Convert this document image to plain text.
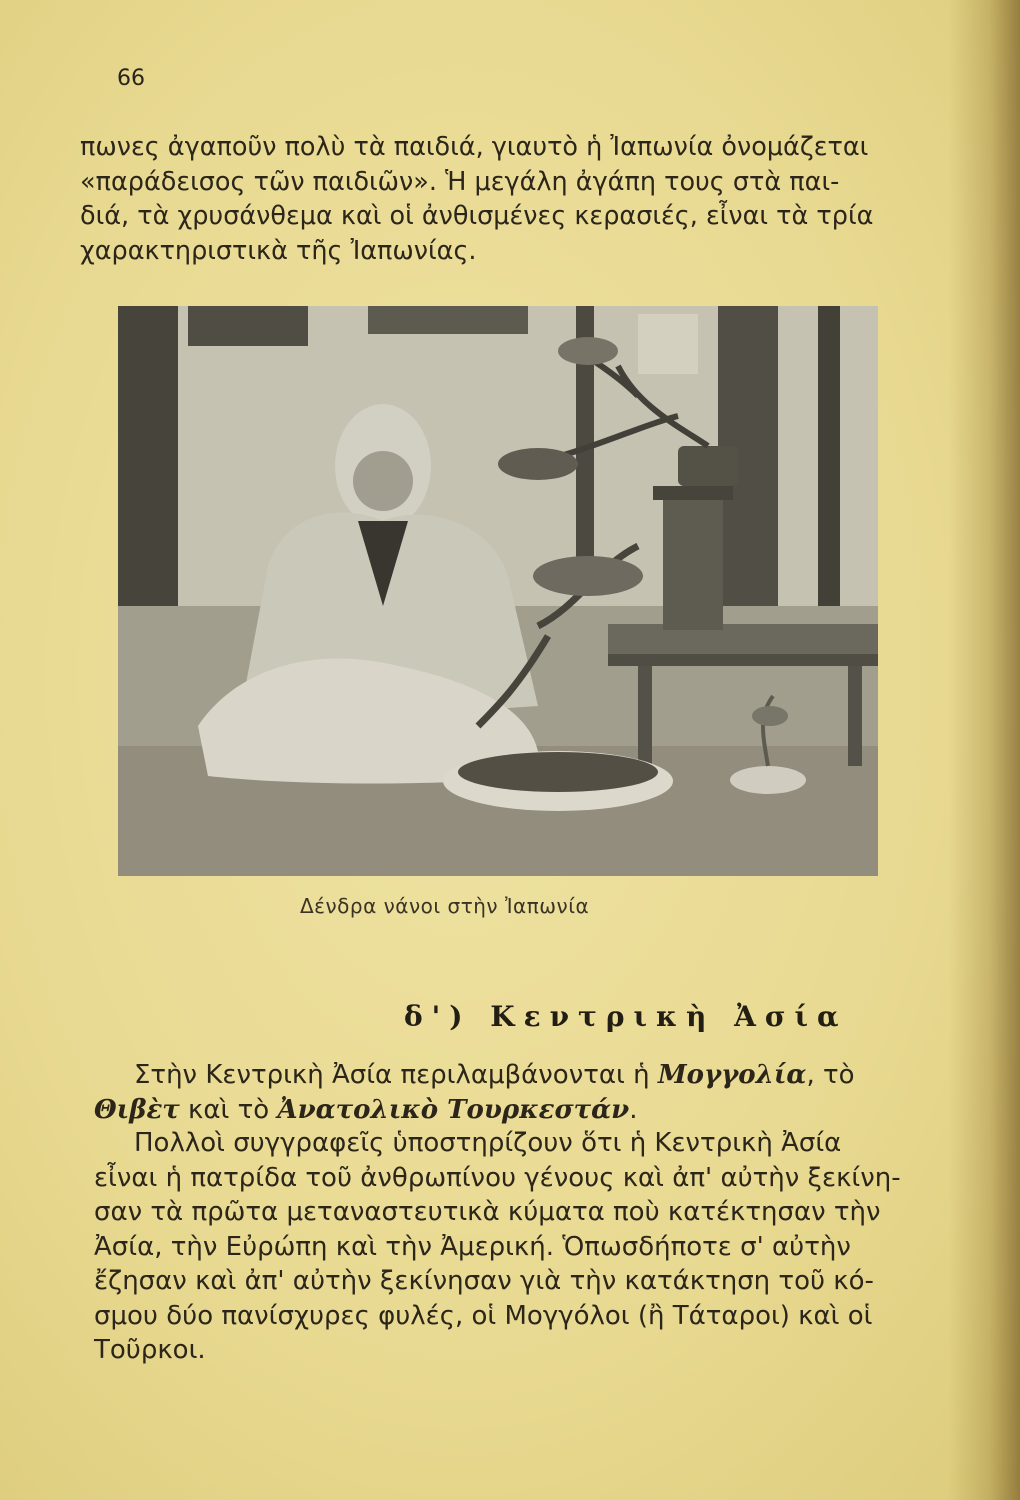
66

πωνες ἀγαποῦν πολὺ τὰ παιδιά, γιαυτὸ ἡ Ἰαπωνία ὀνομάζεται
«παράδεισος τῶν παιδιῶν». Ἡ μεγάλη ἀγάπη τους στὰ παι-
διά, τὰ χρυσάνθεμα καὶ οἱ ἀνθισμένες κερασιές, εἶναι τὰ τρία
χαρακτηριστικὰ τῆς Ἰαπωνίας.

Δένδρα νάνοι στὴν Ἰαπωνία
δ') Κεντρικὴ Ἀσία

Στὴν Κεντρικὴ Ἀσία περιλαμβάνονται ἡ Μογγολία, τὸ
Θιβὲτ καὶ τὸ Ἀνατολικὸ Τουρκεστάν.

Πολλοὶ συγγραφεῖς ὑποστηρίζουν ὅτι ἡ Κεντρικὴ Ἀσία
εἶναι ἡ πατρίδα τοῦ ἀνθρωπίνου γένους καὶ ἀπ' αὐτὴν ξεκίνη-
σαν τὰ πρῶτα μεταναστευτικὰ κύματα ποὺ κατέκτησαν τὴν
Ἀσία, τὴν Εὐρώπη καὶ τὴν Ἀμερική. Ὁπωσδήποτε σ' αὐτὴν
ἔζησαν καὶ ἀπ' αὐτὴν ξεκίνησαν γιὰ τὴν κατάκτηση τοῦ κό-
σμου δύο πανίσχυρες φυλές, οἱ Μογγόλοι (ἢ Τάταροι) καὶ οἱ
Τοῦρκοι.
